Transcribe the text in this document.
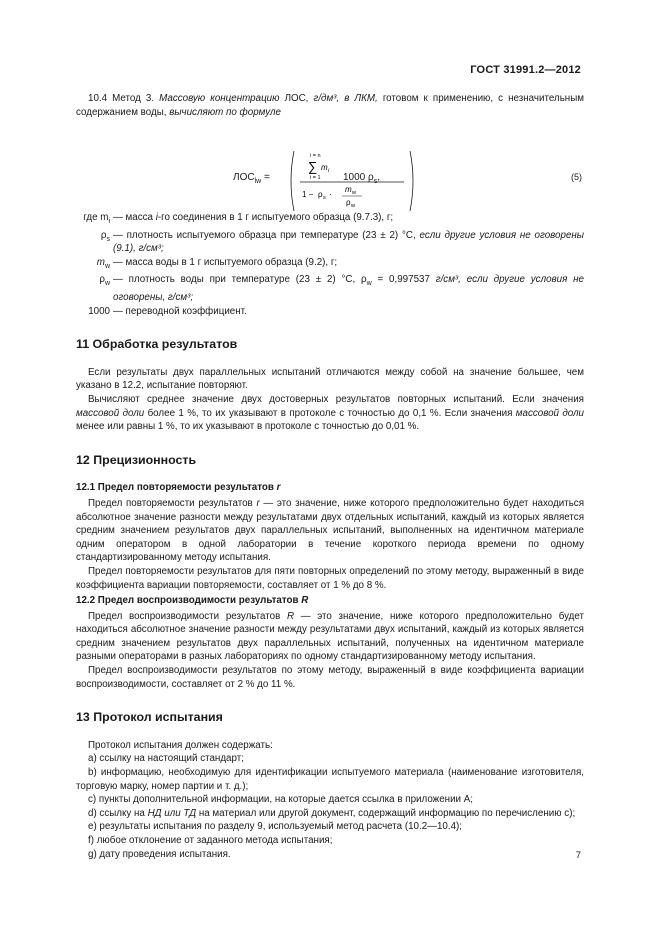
ГОСТ 31991.2—2012

10.4 Метод 3. Массовую концентрацию ЛОС, г/дм³, в ЛКМ, готовом к применению, с незначительным содержанием воды, вычисляют по формуле

$ЛОС_{lw}$ =
i = n
∑ m i
i = 1
1 − ρ s ·
m w
ρ w
1000 $\rho_s$,	(5)
где $m_i$ — масса i-го соединения в 1 г испытуемого образца (9.7.3), г;
$\rho_s$ — плотность испытуемого образца при температуре (23 ± 2) °С, если другие условия не оговорены (9.1), г/см³;
$m_w$ — масса воды в 1 г испытуемого образца (9.2), г;
$\rho_w$ — плотность воды при температуре (23 ± 2) °С, $\rho_w = 0,997537$ г/см³, если другие условия не оговорены, г/см³;
1000 — переводной коэффициент.
11 Обработка результатов

Если результаты двух параллельных испытаний отличаются между собой на значение большее, чем указано в 12.2, испытание повторяют.

Вычисляют среднее значение двух достоверных результатов повторных испытаний. Если значения массовой доли более 1 %, то их указывают в протоколе с точностью до 0,1 %. Если значения массовой доли менее или равны 1 %, то их указывают в протоколе с точностью до 0,01 %.

12 Прецизионность

12.1 Предел повторяемости результатов r

Предел повторяемости результатов r — это значение, ниже которого предположительно будет находиться абсолютное значение разности между результатами двух отдельных испытаний, каждый из которых является средним значением результатов двух параллельных испытаний, выполненных на идентичном материале одним оператором в одной лаборатории в течение короткого периода времени по одному стандартизированному методу испытания.

Предел повторяемости результатов для пяти повторных определений по этому методу, выраженный в виде коэффициента вариации повторяемости, составляет от 1 % до 8 %.

12.2 Предел воспроизводимости результатов R

Предел воспроизводимости результатов R — это значение, ниже которого предположительно будет находиться абсолютное значение разности между результатами двух испытаний, каждый из которых является средним значением результатов двух параллельных испытаний, полученных на идентичном материале разными операторами в разных лабораториях по одному стандартизированному методу испытания.

Предел воспроизводимости результатов по этому методу, выраженный в виде коэффициента вариации воспроизводимости, составляет от 2 % до 11 %.

13 Протокол испытания

Протокол испытания должен содержать:

a) ссылку на настоящий стандарт;

b) информацию, необходимую для идентификации испытуемого материала (наименование изготовителя, торговую марку, номер партии и т. д.);

c) пункты дополнительной информации, на которые дается ссылка в приложении А;

d) ссылку на НД или ТД на материал или другой документ, содержащий информацию по перечислению c);

e) результаты испытания по разделу 9, используемый метод расчета (10.2—10.4);

f) любое отклонение от заданного метода испытания;

g) дату проведения испытания.	7
